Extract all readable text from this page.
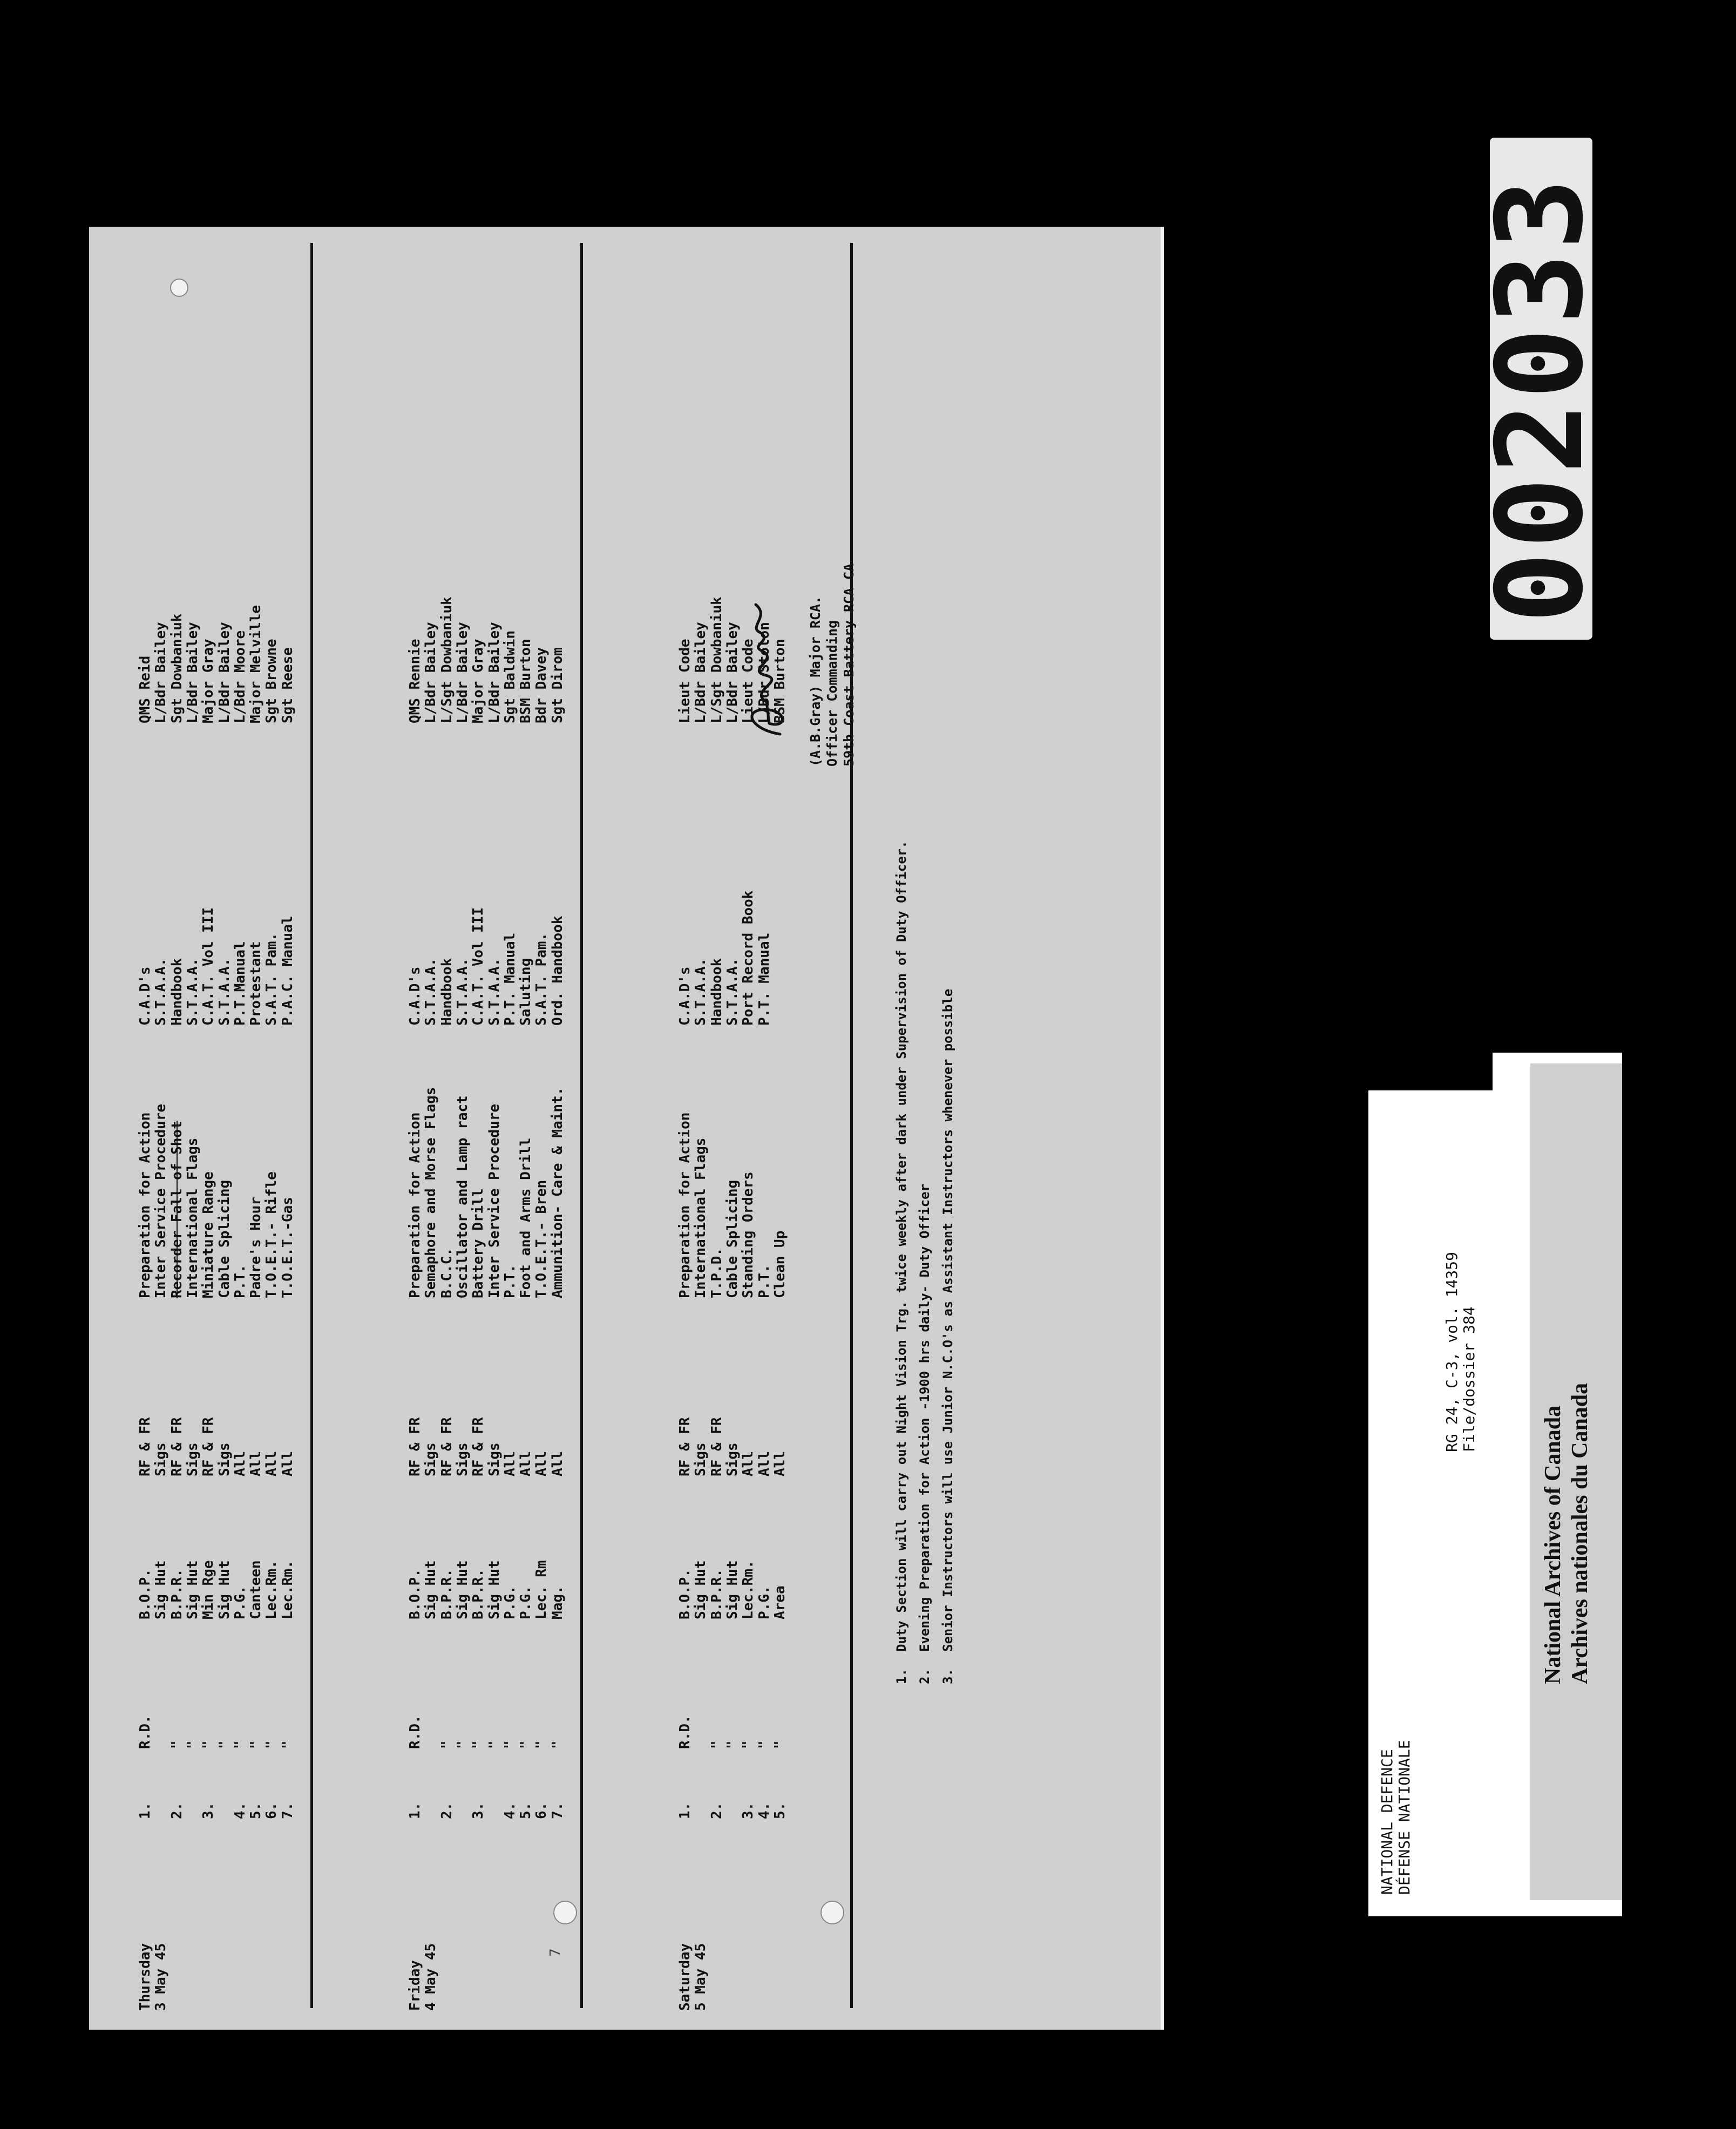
Thursday 3 May 45
1.
R.D.
B.O.P.
RF & FR
Preparation for Action
C.A.D's
QMS Reid
Sig Hut
Sigs
Inter Service Procedure
S.T.A.A.
L/Bdr Bailey
2.
"
B.P.R.
RF & FR
Recorder Fall of Shot
Handbook
Sgt Dowbaniuk
"
Sig Hut
Sigs
International Flags
S.T.A.A.
L/Bdr Bailey
3.
"
Min Rge
RF & FR
Miniature Range
C.A.T. Vol III
Major Gray
"
Sig Hut
Sigs
Cable Splicing
S.T.A.A.
L/Bdr Bailey
4.
"
P.G.
All
P.T.
P.T.Manual
L/Bdr Moore
5.
"
Canteen
All
Padre's Hour
Protestant
Major Melville
6.
"
Lec.Rm.
All
T.O.E.T.- Rifle
S.A.T. Pam.
Sgt Browne
7.
"
Lec.Rm.
All
T.O.E.T.-Gas
P.A.C. Manual
Sgt Reese
Friday 4 May 45
1.
R.D.
B.O.P.
RF & FR
Preparation for Action
C.A.D's
QMS Rennie
Sig Hut
Sigs
Semaphore and Morse Flags
S.T.A.A.
L/Bdr Bailey
2.
"
B.P.R.
RF & FR
B.C.C.
Handbook
L/Sgt Dowbaniuk
"
Sig Hut
Sigs
Oscillator and Lamp ract
S.T.A.A.
L/Bdr Bailey
3.
"
B.P.R.
RF & FR
Battery Drill
C.A.T. Vol III
Major Gray
"
Sig Hut
Sigs
Inter Service Procedure
S.T.A.A.
L/Bdr Bailey
4.
"
P.G.
All
P.T.
P.T. Manual
Sgt Baldwin
5.
"
P.G.
All
Foot and Arms Drill
Saluting
BSM Burton
6.
"
Lec. Rm
All
T.O.E.T.- Bren
S.A.T. Pam.
Bdr Davey
7.
"
Mag.
All
Ammunition- Care & Maint.
Ord. Handbook
Sgt Dirom
Saturday 5 May 45
1.
R.D.
B.O.P.
RF & FR
Preparation for Action
C.A.D's
Lieut Code
Sig Hut
Sigs
International Flags
S.T.A.A.
L/Bdr Bailey
2.
"
B.P.R.
RF & FR
T.P.D.
Handbook
L/Sgt Dowbaniuk
"
Sig Hut
Sigs
Cable Splicing
S.T.A.A.
L/Bdr Bailey
3.
"
Lec.Rm.
All
Standing Orders
Port Record Book
Lieut Code
4.
"
P.G.
All
P.T.
P.T. Manual
L/Bdr Stolon
5.
"
Area
All
Clean Up
BSM Burton
1.
Duty Section will carry out Night Vision Trg. twice weekly after dark under Supervision of Duty Officer.
2.
Evening Preparation for Action -1900 hrs daily- Duty Officer
3.
Senior Instructors will use Junior N.C.O's as Assistant Instructors whenever possible
(A.B.Gray) Major RCA. Officer Commanding 59th Coast Battery RCA CA
7
002033
NATIONAL DEFENCE DÉFENSE NATIONALE
RG 24, C-3, vol. 14359 File/dossier 384
National Archives of Canada Archives nationales du Canada
